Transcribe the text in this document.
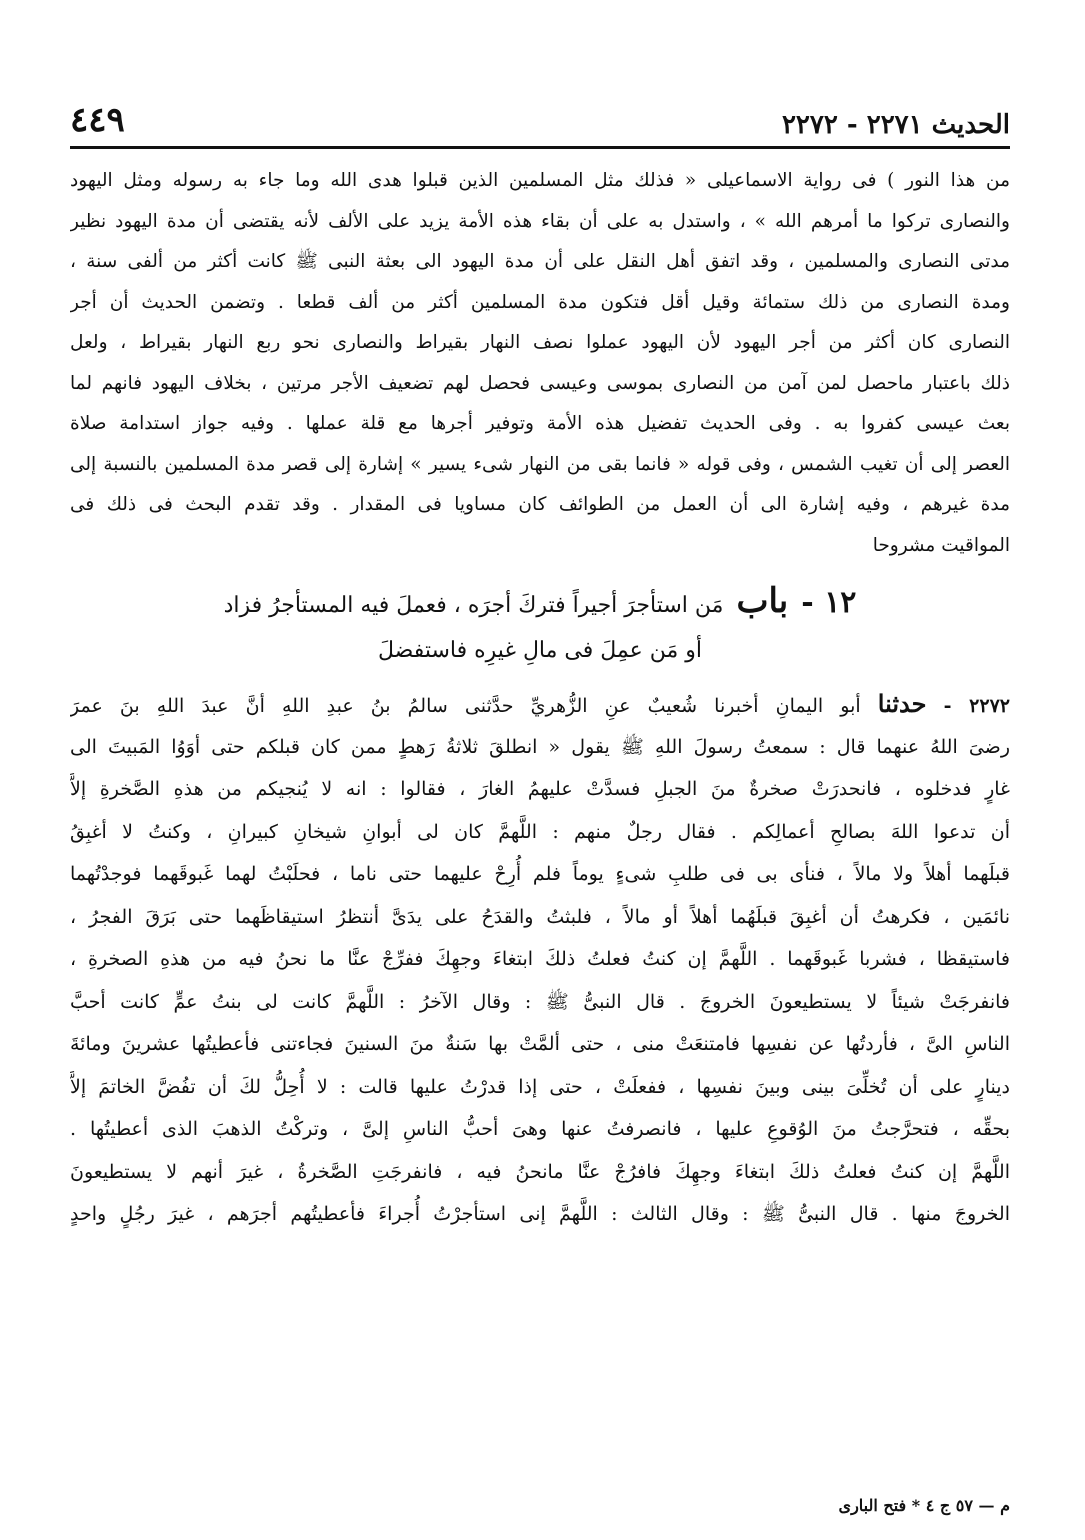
الحديث ٢٢٧١ - ٢٢٧٢
٤٤٩
من هذا النور ) فى رواية الاسماعيلى « فذلك مثل المسلمين الذين قبلوا هدى الله وما جاء به رسوله ومثل اليهود
والنصارى تركوا ما أمرهم الله » ، واستدل به على أن بقاء هذه الأمة يزيد على الألف لأنه يقتضى أن مدة اليهود نظير
مدتى النصارى والمسلمين ، وقد اتفق أهل النقل على أن مدة اليهود الى بعثة النبى ﷺ كانت أكثر من ألفى سنة ،
ومدة النصارى من ذلك ستمائة وقيل أقل فتكون مدة المسلمين أكثر من ألف قطعا . وتضمن الحديث أن أجر
النصارى كان أكثر من أجر اليهود لأن اليهود عملوا نصف النهار بقيراط والنصارى نحو ربع النهار بقيراط ، ولعل
ذلك باعتبار ماحصل لمن آمن من النصارى بموسى وعيسى فحصل لهم تضعيف الأجر مرتين ، بخلاف اليهود فانهم لما
بعث عيسى كفروا به . وفى الحديث تفضيل هذه الأمة وتوفير أجرها مع قلة عملها . وفيه جواز استدامة صلاة
العصر إلى أن تغيب الشمس ، وفى قوله « فانما بقى من النهار شىء يسير » إشارة إلى قصر مدة المسلمين بالنسبة إلى
مدة غيرهم ، وفيه إشارة الى أن العمل من الطوائف كان مساويا فى المقدار . وقد تقدم البحث فى ذلك فى
المواقيت مشروحا
١٢ - باب مَن استأجرَ أجيراً فتركَ أجرَه ، فعملَ فيه المستأجرُ فزاد
أو مَن عمِلَ فى مالِ غيرِه فاستفضلَ
٢٢٧٢ - حدثنا أبو اليمانِ أخبرنا شُعيبٌ عنِ الزُّهريِّ حدَّثنى سالمُ بنُ عبدِ اللهِ أنَّ عبدَ اللهِ بنَ عمرَ
رضىَ اللهُ عنهما قال : سمعتُ رسولَ اللهِ ﷺ يقول « انطلقَ ثلاثةُ رَهطٍ ممن كان قبلكم حتى أوَوُا المَبيتَ الى
غارٍ فدخلوه ، فانحدرَتْ صخرةٌ منَ الجبلِ فسدَّتْ عليهمُ الغارَ ، فقالوا : انه لا يُنجيكم من هذهِ الصَّخرةِ إلاَّ
أن تدعوا اللهَ بصالحِ أعمالِكم . فقال رجلٌ منهم : اللَّهمَّ كان لى أبوانِ شيخانِ كبيرانِ ، وكنتُ لا أغبِقُ
قبلَهما أهلاً ولا مالاً ، فنأى بى فى طلبِ شىءٍ يوماً فلم أُرِحْ عليهما حتى ناما ، فحلَبْتُ لهما غَبوقَهما فوجدْتُهما
نائمَين ، فكرهتُ أن أغبِقَ قبلَهُما أهلاً أو مالاً ، فلبثتُ والقدَحُ على يدَىَّ أنتظرُ استيقاظَهما حتى بَرَقَ الفجرُ ،
فاستيقظا ، فشربا غَبوقَهما . اللَّهمَّ إن كنتُ فعلتُ ذلكَ ابتغاءَ وجهِكَ ففرِّجْ عنَّا ما نحنُ فيه من هذهِ الصخرةِ ،
فانفرجَتْ شيئاً لا يستطيعونَ الخروجَ . قال النبىُّ ﷺ : وقال الآخرُ : اللَّهمَّ كانت لى بنتُ عمٍّ كانت أحبَّ
الناسِ الىَّ ، فأردتُها عن نفسِها فامتنعَتْ منى ، حتى ألمَّتْ بها سَنةٌ منَ السنينَ فجاءتنى فأعطيتُها عشرينَ ومائةَ
دينارٍ على أن تُخلِّىَ بينى وبينَ نفسِها ، ففعلَتْ ، حتى إذا قدرْتُ عليها قالت : لا أُحِلُّ لكَ أن تفُضَّ الخاتمَ إلاَّ
بحقِّه ، فتحرَّجتُ منَ الوُقوعِ عليها ، فانصرفتُ عنها وهىَ أحبُّ الناسِ إلىَّ ، وتركْتُ الذهبَ الذى أعطيتُها .
اللَّهمَّ إن كنتُ فعلتُ ذلكَ ابتغاءَ وجهِكَ فافرُجْ عنَّا مانحنُ فيه ، فانفرجَتِ الصَّخرةُ ، غيرَ أنهم لا يستطيعونَ
الخروجَ منها . قال النبىُّ ﷺ : وقال الثالث : اللَّهمَّ إنى استأجرْتُ أُجراءَ فأعطيتُهم أجرَهم ، غيرَ رجُلٍ واحدٍ
م — ٥٧ ج ٤ * فتح البارى
